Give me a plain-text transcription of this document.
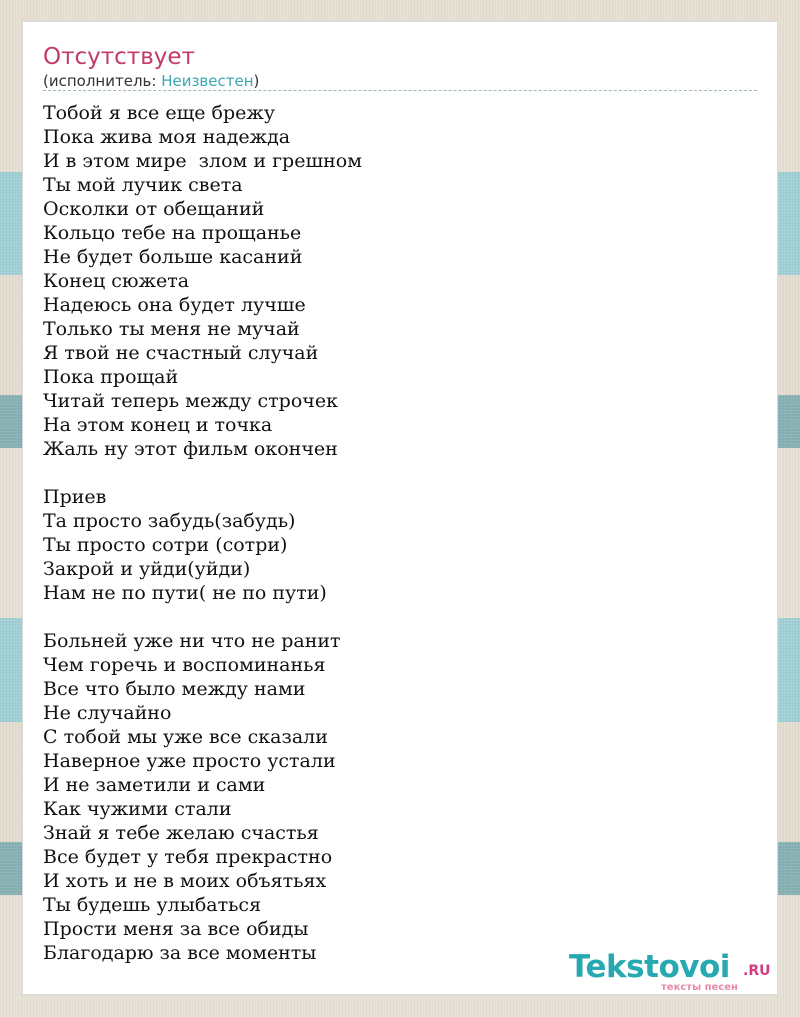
Отсутствует
(исполнитель: Неизвестен)
Тобой я все еще брежу
Пока жива моя надежда
И в этом мире  злом и грешном
Ты мой лучик света
Осколки от обещаний
Кольцо тебе на прощанье
Не будет больше касаний
Конец сюжета
Надеюсь она будет лучше
Только ты меня не мучай
Я твой не счастный случай
Пока прощай
Читай теперь между строчек
На этом конец и точка
Жаль ну этот фильм окончен
Приев
Та просто забудь(забудь)
Ты просто сотри (сотри)
Закрой и уйди(уйди)
Нам не по пути( не по пути)
Больней уже ни что не ранит
Чем горечь и воспоминанья
Все что было между нами
Не случайно
С тобой мы уже все сказали
Наверное уже просто устали
И не заметили и сами
Как чужими стали
Знай я тебе желаю счастья
Все будет у тебя прекрастно
И хоть и не в моих объятьях
Ты будешь улыбаться
Прости меня за все обиды
Благодарю за все моменты	Tekstovoi .RU
тексты песен
